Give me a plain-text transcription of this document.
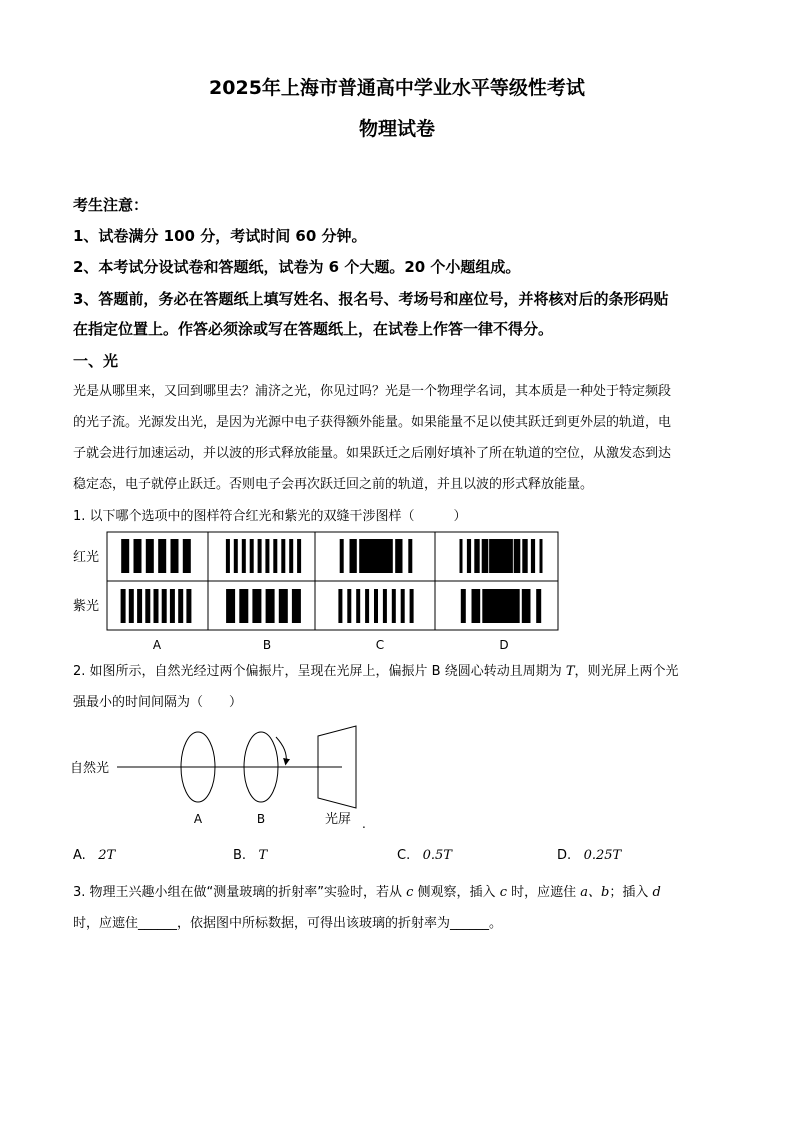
2025年上海市普通高中学业水平等级性考试
物理试卷
考生注意：
1、试卷满分 100 分，考试时间 60 分钟。
2、本考试分设试卷和答题纸，试卷为 6 个大题。20 个小题组成。
3、答题前，务必在答题纸上填写姓名、报名号、考场号和座位号，并将核对后的条形码贴
在指定位置上。作答必须涂或写在答题纸上，在试卷上作答一律不得分。
一、光
光是从哪里来，又回到哪里去？浦济之光，你见过吗？光是一个物理学名词，其本质是一种处于特定频段
的光子流。光源发出光，是因为光源中电子获得额外能量。如果能量不足以使其跃迁到更外层的轨道，电
子就会进行加速运动，并以波的形式释放能量。如果跃迁之后刚好填补了所在轨道的空位，从激发态到达
稳定态，电子就停止跃迁。否则电子会再次跃迁回之前的轨道，并且以波的形式释放能量。
1. 以下哪个选项中的图样符合红光和紫光的双缝干涉图样（　　　）
红光
紫光
A	B	C	D
2. 如图所示，自然光经过两个偏振片，呈现在光屏上，偏振片 B 绕圆心转动且周期为 T，则光屏上两个光
强最小的时间间隔为（　　）
自然光
A	B	光屏 .
A. 2T	B. T	C. 0.5T	D. 0.25T
3. 物理王兴趣小组在做“测量玻璃的折射率”实验时，若从 c 侧观察，插入 c 时，应遮住 a、b；插入 d
时，应遮住______，依据图中所标数据，可得出该玻璃的折射率为______。
